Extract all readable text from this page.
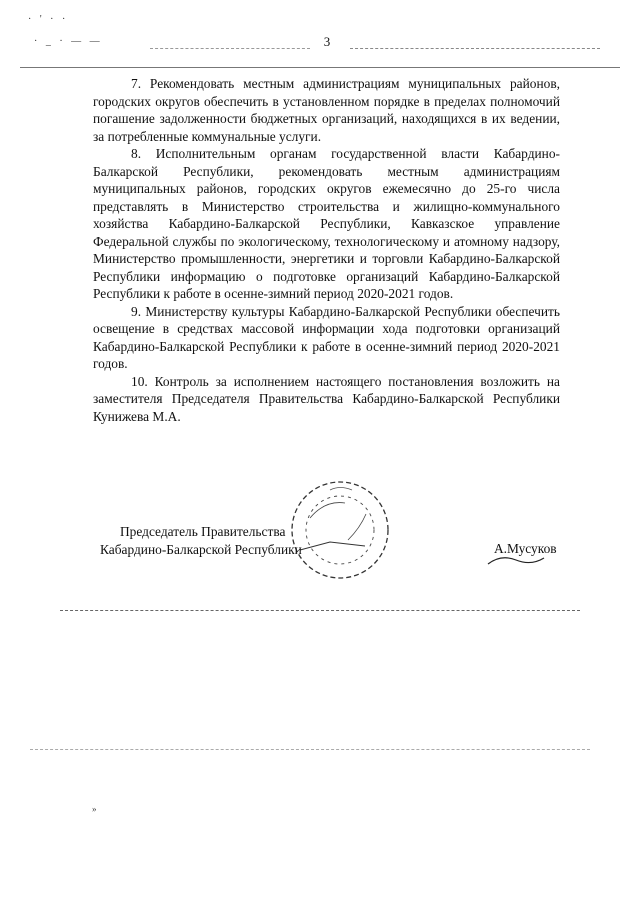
· ' · ·
· _ · — —	3

7. Рекомендовать местным администрациям муниципальных районов, городских округов обеспечить в установленном порядке в пределах полномочий погашение задолженности бюджетных организаций, находящихся в их ведении, за потребленные коммунальные услуги.

8. Исполнительным органам государственной власти Кабардино-Балкарской Республики, рекомендовать местным администрациям муниципальных районов, городских округов ежемесячно до 25-го числа представлять в Министерство строительства и жилищно-коммунального хозяйства Кабардино-Балкарской Республики, Кавказское управление Федеральной службы по экологическому, технологическому и атомному надзору, Министерство промышленности, энергетики и торговли Кабардино-Балкарской Республики информацию о подготовке организаций Кабардино-Балкарской Республики к работе в осенне-зимний период 2020-2021 годов.

9. Министерству культуры Кабардино-Балкарской Республики обеспечить освещение в средствах массовой информации хода подготовки организаций Кабардино-Балкарской Республики к работе в осенне-зимний период 2020-2021 годов.

10. Контроль за исполнением настоящего постановления возложить на заместителя Председателя Правительства Кабардино-Балкарской Республики Кунижева М.А.

Председатель Правительства
Кабардино-Балкарской Республики	А.Мусуков
»
